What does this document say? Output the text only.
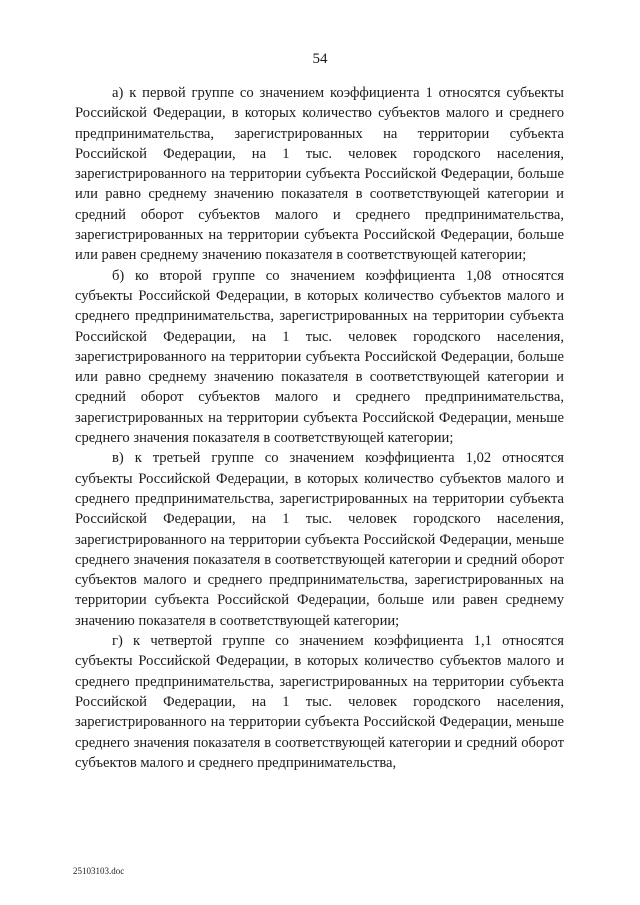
54

а) к первой группе со значением коэффициента 1 относятся субъекты Российской Федерации, в которых количество субъектов малого и среднего предпринимательства, зарегистрированных на территории субъекта Российской Федерации, на 1 тыс. человек городского населения, зарегистрированного на территории субъекта Российской Федерации, больше или равно среднему значению показателя в соответствующей категории и средний оборот субъектов малого и среднего предпринимательства, зарегистрированных на территории субъекта Российской Федерации, больше или равен среднему значению показателя в соответствующей категории;

б) ко второй группе со значением коэффициента 1,08 относятся субъекты Российской Федерации, в которых количество субъектов малого и среднего предпринимательства, зарегистрированных на территории субъекта Российской Федерации, на 1 тыс. человек городского населения, зарегистрированного на территории субъекта Российской Федерации, больше или равно среднему значению показателя в соответствующей категории и средний оборот субъектов малого и среднего предпринимательства, зарегистрированных на территории субъекта Российской Федерации, меньше среднего значения показателя в соответствующей категории;

в) к третьей группе со значением коэффициента 1,02 относятся субъекты Российской Федерации, в которых количество субъектов малого и среднего предпринимательства, зарегистрированных на территории субъекта Российской Федерации, на 1 тыс. человек городского населения, зарегистрированного на территории субъекта Российской Федерации, меньше среднего значения показателя в соответствующей категории и средний оборот субъектов малого и среднего предпринимательства, зарегистрированных на территории субъекта Российской Федерации, больше или равен среднему значению показателя в соответствующей категории;

г) к четвертой группе со значением коэффициента 1,1 относятся субъекты Российской Федерации, в которых количество субъектов малого и среднего предпринимательства, зарегистрированных на территории субъекта Российской Федерации, на 1 тыс. человек городского населения, зарегистрированного на территории субъекта Российской Федерации, меньше среднего значения показателя в соответствующей категории и средний оборот субъектов малого и среднего предпринимательства,

25103103.doc
